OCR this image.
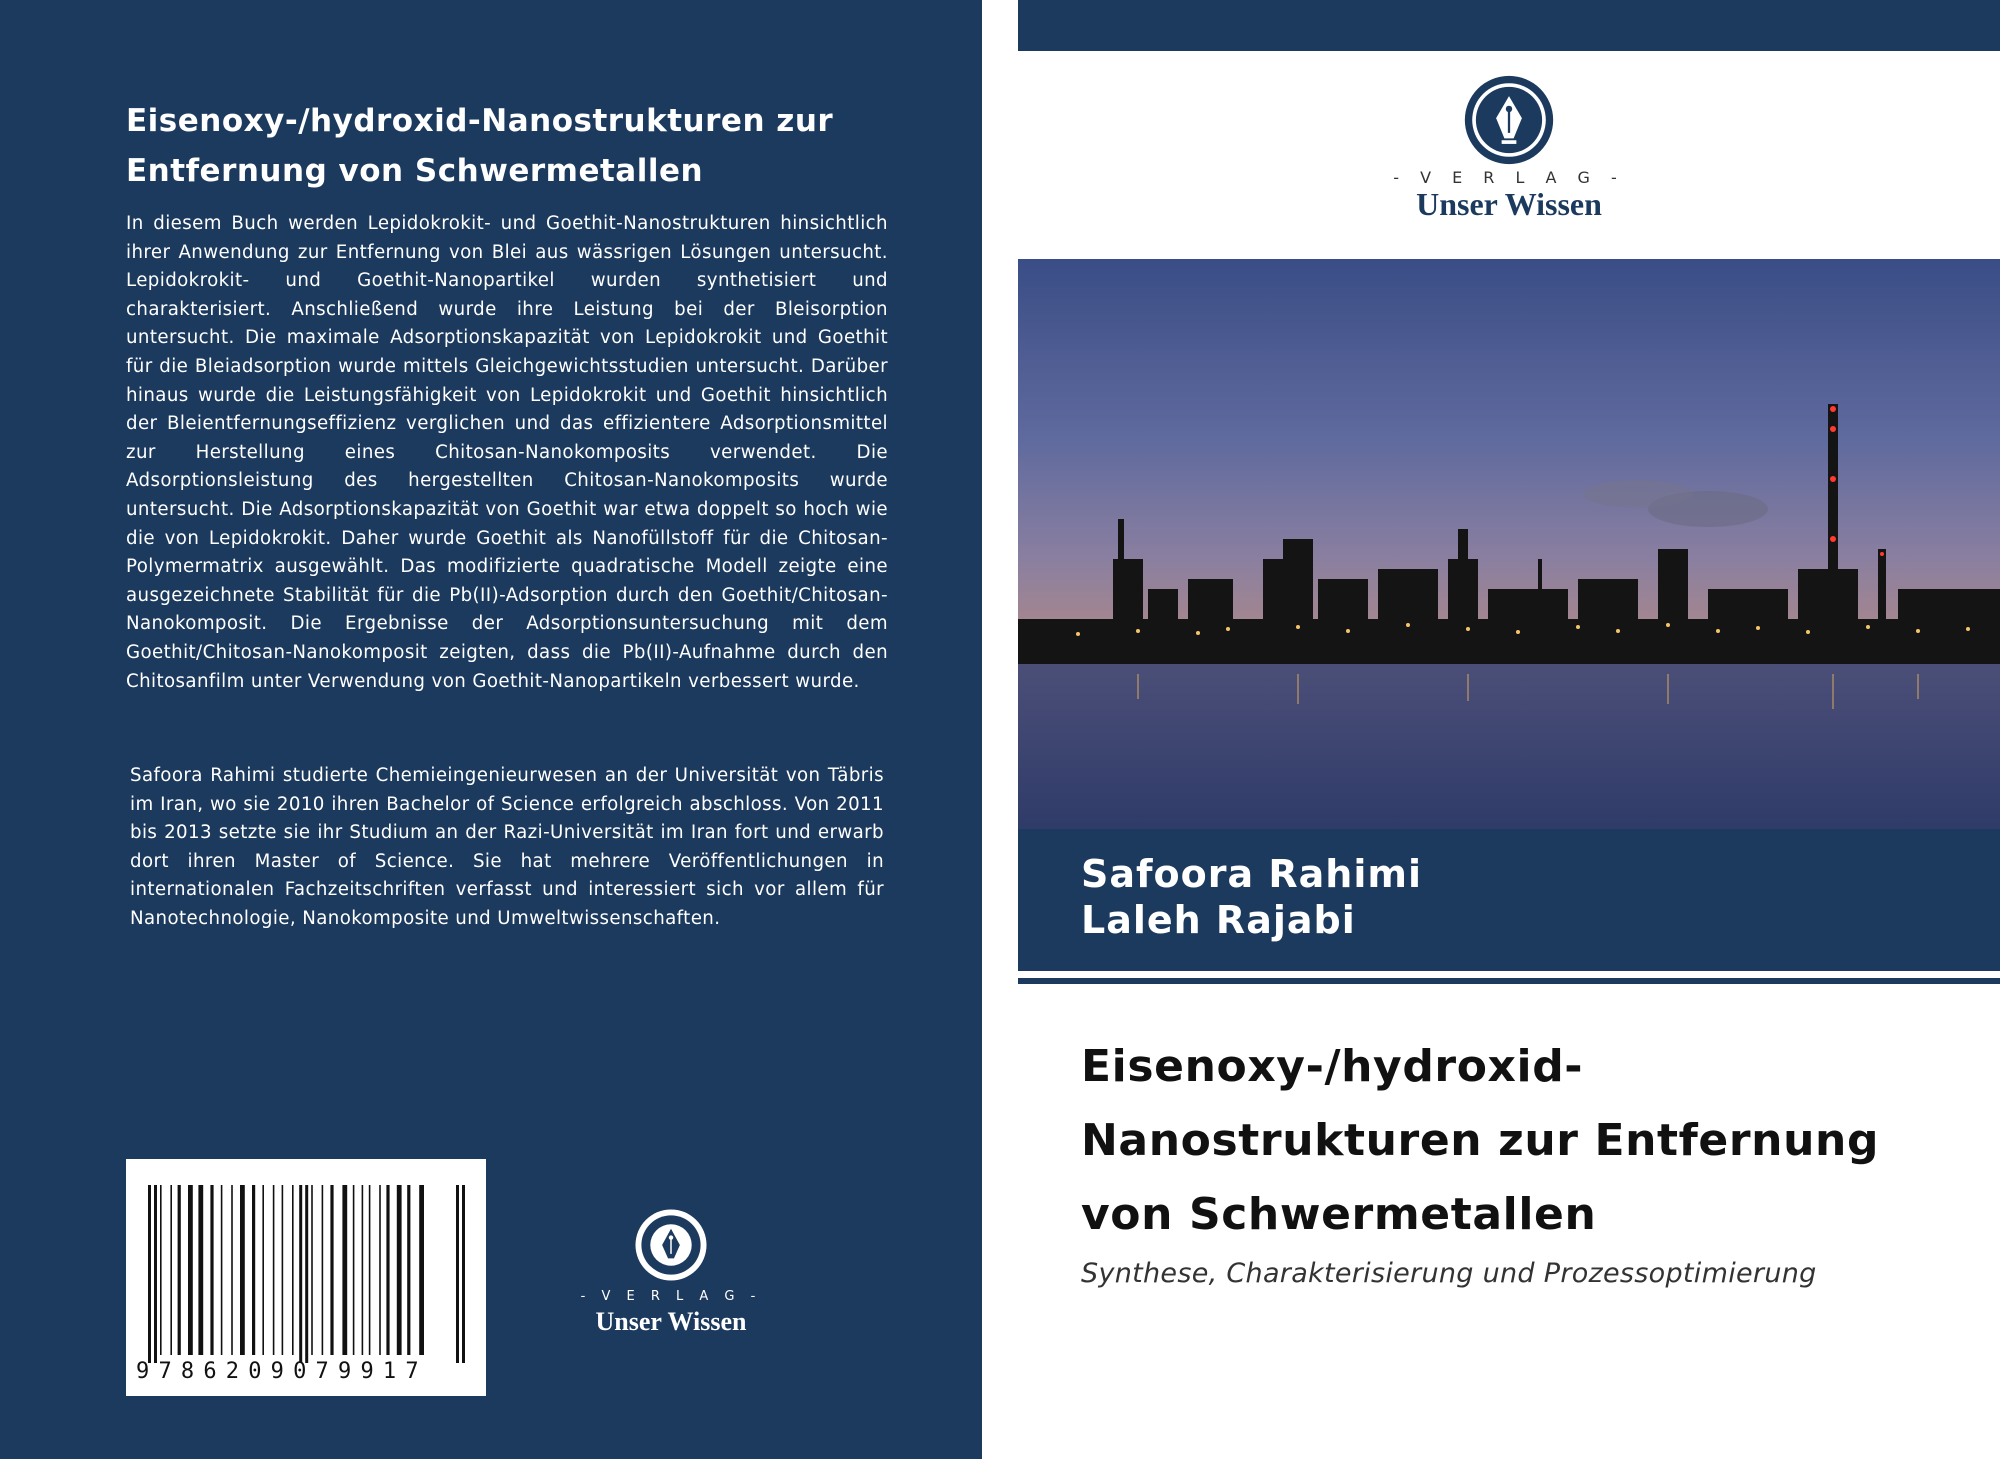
Eisenoxy-/hydroxid-Nanostrukturen zur Entfernung von Schwermetallen
In diesem Buch werden Lepidokrokit- und Goethit-Nanostrukturen hinsichtlich ihrer Anwendung zur Entfernung von Blei aus wässrigen Lösungen untersucht. Lepidokrokit- und Goethit-Nanopartikel wurden synthetisiert und charakterisiert. Anschließend wurde ihre Leistung bei der Bleisorption untersucht. Die maximale Adsorptionskapazität von Lepidokrokit und Goethit für die Bleiadsorption wurde mittels Gleichgewichtsstudien untersucht. Darüber hinaus wurde die Leistungsfähigkeit von Lepidokrokit und Goethit hinsichtlich der Bleientfernungseffizienz verglichen und das effizientere Adsorptionsmittel zur Herstellung eines Chitosan-Nanokomposits verwendet. Die Adsorptionsleistung des hergestellten Chitosan-Nanokomposits wurde untersucht. Die Adsorptionskapazität von Goethit war etwa doppelt so hoch wie die von Lepidokrokit. Daher wurde Goethit als Nanofüllstoff für die Chitosan-Polymermatrix ausgewählt. Das modifizierte quadratische Modell zeigte eine ausgezeichnete Stabilität für die Pb(II)-Adsorption durch den Goethit/Chitosan-Nanokomposit. Die Ergebnisse der Adsorptionsuntersuchung mit dem Goethit/Chitosan-Nanokomposit zeigten, dass die Pb(II)-Aufnahme durch den Chitosanfilm unter Verwendung von Goethit-Nanopartikeln verbessert wurde.
Safoora Rahimi studierte Chemieingenieurwesen an der Universität von Täbris im Iran, wo sie 2010 ihren Bachelor of Science erfolgreich abschloss. Von 2011 bis 2013 setzte sie ihr Studium an der Razi-Universität im Iran fort und erwarb dort ihren Master of Science. Sie hat mehrere Veröffentlichungen in internationalen Fachzeitschriften verfasst und interessiert sich vor allem für Nanotechnologie, Nanokomposite und Umweltwissenschaften.
9786209079917
- V E R L A G -
Unser Wissen
- V E R L A G -
Unser Wissen
Safoora Rahimi
Laleh Rajabi
Eisenoxy-/hydroxid-Nanostrukturen zur Entfernung von Schwermetallen
Synthese, Charakterisierung und Prozessoptimierung
